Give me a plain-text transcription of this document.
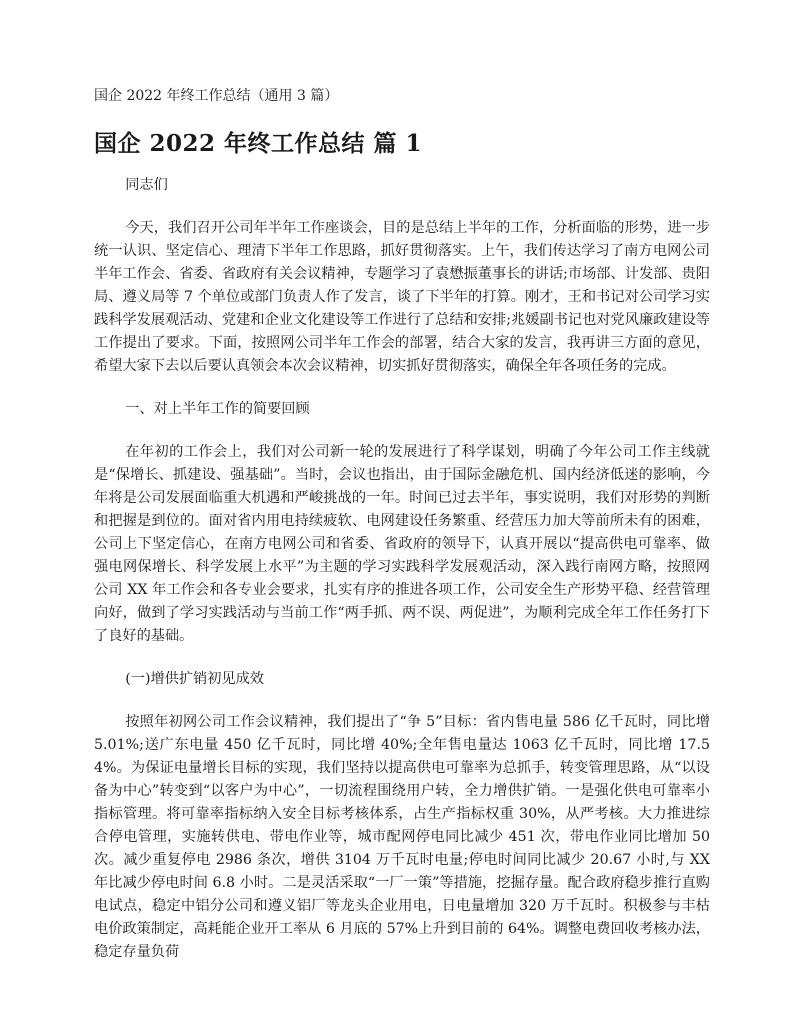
国企 2022 年终工作总结（通用 3 篇）
国企 2022 年终工作总结 篇 1
同志们
今天，我们召开公司年半年工作座谈会，目的是总结上半年的工作，分析面临的形势，进一步统一认识、坚定信心、理清下半年工作思路，抓好贯彻落实。上午，我们传达学习了南方电网公司半年工作会、省委、省政府有关会议精神，专题学习了袁懋振董事长的讲话;市场部、计发部、贵阳局、遵义局等 7 个单位或部门负责人作了发言，谈了下半年的打算。刚才，王和书记对公司学习实践科学发展观活动、党建和企业文化建设等工作进行了总结和安排;兆媛副书记也对党风廉政建设等工作提出了要求。下面，按照网公司半年工作会的部署，结合大家的发言，我再讲三方面的意见，希望大家下去以后要认真领会本次会议精神，切实抓好贯彻落实，确保全年各项任务的完成。
一、对上半年工作的简要回顾
在年初的工作会上，我们对公司新一轮的发展进行了科学谋划，明确了今年公司工作主线就是“保增长、抓建设、强基础”。当时，会议也指出，由于国际金融危机、国内经济低迷的影响，今年将是公司发展面临重大机遇和严峻挑战的一年。时间已过去半年，事实说明，我们对形势的判断和把握是到位的。面对省内用电持续疲软、电网建设任务繁重、经营压力加大等前所未有的困难，公司上下坚定信心，在南方电网公司和省委、省政府的领导下，认真开展以“提高供电可靠率、做强电网保增长、科学发展上水平”为主题的学习实践科学发展观活动，深入践行南网方略，按照网公司 XX 年工作会和各专业会要求，扎实有序的推进各项工作，公司安全生产形势平稳、经营管理向好，做到了学习实践活动与当前工作“两手抓、两不误、两促进”，为顺利完成全年工作任务打下了良好的基础。
(一)增供扩销初见成效
按照年初网公司工作会议精神，我们提出了“争 5”目标：省内售电量 586 亿千瓦时，同比增 5.01%;送广东电量 450 亿千瓦时，同比增 40%;全年售电量达 1063 亿千瓦时，同比增 17.54%。为保证电量增长目标的实现，我们坚持以提高供电可靠率为总抓手，转变管理思路，从“以设备为中心”转变到“以客户为中心”，一切流程围绕用户转，全力增供扩销。一是强化供电可靠率小指标管理。将可靠率指标纳入安全目标考核体系，占生产指标权重 30%，从严考核。大力推进综合停电管理，实施转供电、带电作业等，城市配网停电同比减少 451 次，带电作业同比增加 50 次。减少重复停电 2986 条次，增供 3104 万千瓦时电量;停电时间同比减少 20.67 小时,与 XX 年比减少停电时间 6.8 小时。二是灵活采取“一厂一策”等措施，挖掘存量。配合政府稳步推行直购电试点，稳定中铝分公司和遵义铝厂等龙头企业用电，日电量增加 320 万千瓦时。积极参与丰枯电价政策制定，高耗能企业开工率从 6 月底的 57%上升到目前的 64%。调整电费回收考核办法，稳定存量负荷
